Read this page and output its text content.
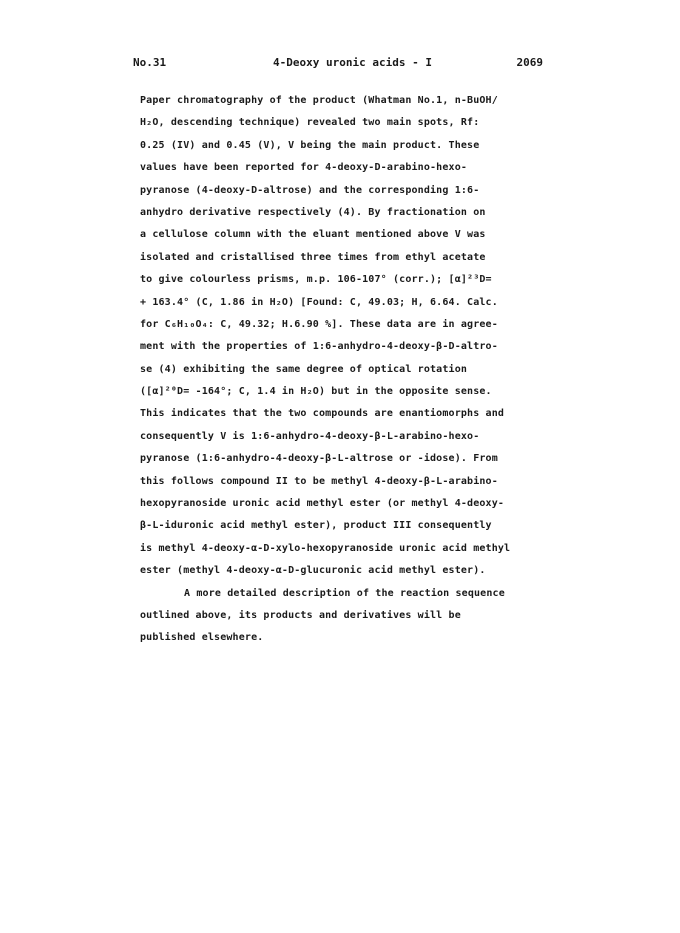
No.31	4-Deoxy uronic acids - I	2069
Paper chromatography of the product (Whatman No.1, n-BuOH/
H₂O, descending technique) revealed two main spots, Rf:
0.25 (IV) and 0.45 (V), V being the main product. These
values have been reported for 4-deoxy-D-arabino-hexo-
pyranose (4-deoxy-D-altrose) and the corresponding 1:6-
anhydro derivative respectively (4). By fractionation on
a cellulose column with the eluant mentioned above V was
isolated and cristallised three times from ethyl acetate
to give colourless prisms, m.p. 106-107° (corr.); [α]²³D=
+ 163.4° (C, 1.86 in H₂O) [Found: C, 49.03; H, 6.64. Calc.
for C₆H₁₀O₄: C, 49.32; H.6.90 %]. These data are in agree-
ment with the properties of 1:6-anhydro-4-deoxy-β-D-altro-
se (4) exhibiting the same degree of optical rotation
([α]²⁰D= -164°; C, 1.4 in H₂O) but in the opposite sense.
This indicates that the two compounds are enantiomorphs and
consequently V is 1:6-anhydro-4-deoxy-β-L-arabino-hexo-
pyranose (1:6-anhydro-4-deoxy-β-L-altrose or -idose). From
this follows compound II to be methyl 4-deoxy-β-L-arabino-
hexopyranoside uronic acid methyl ester (or methyl 4-deoxy-
β-L-iduronic acid methyl ester), product III consequently
is methyl 4-deoxy-α-D-xylo-hexopyranoside uronic acid methyl
ester (methyl 4-deoxy-α-D-glucuronic acid methyl ester).
A more detailed description of the reaction sequence
outlined above, its products and derivatives will be
published elsewhere.
